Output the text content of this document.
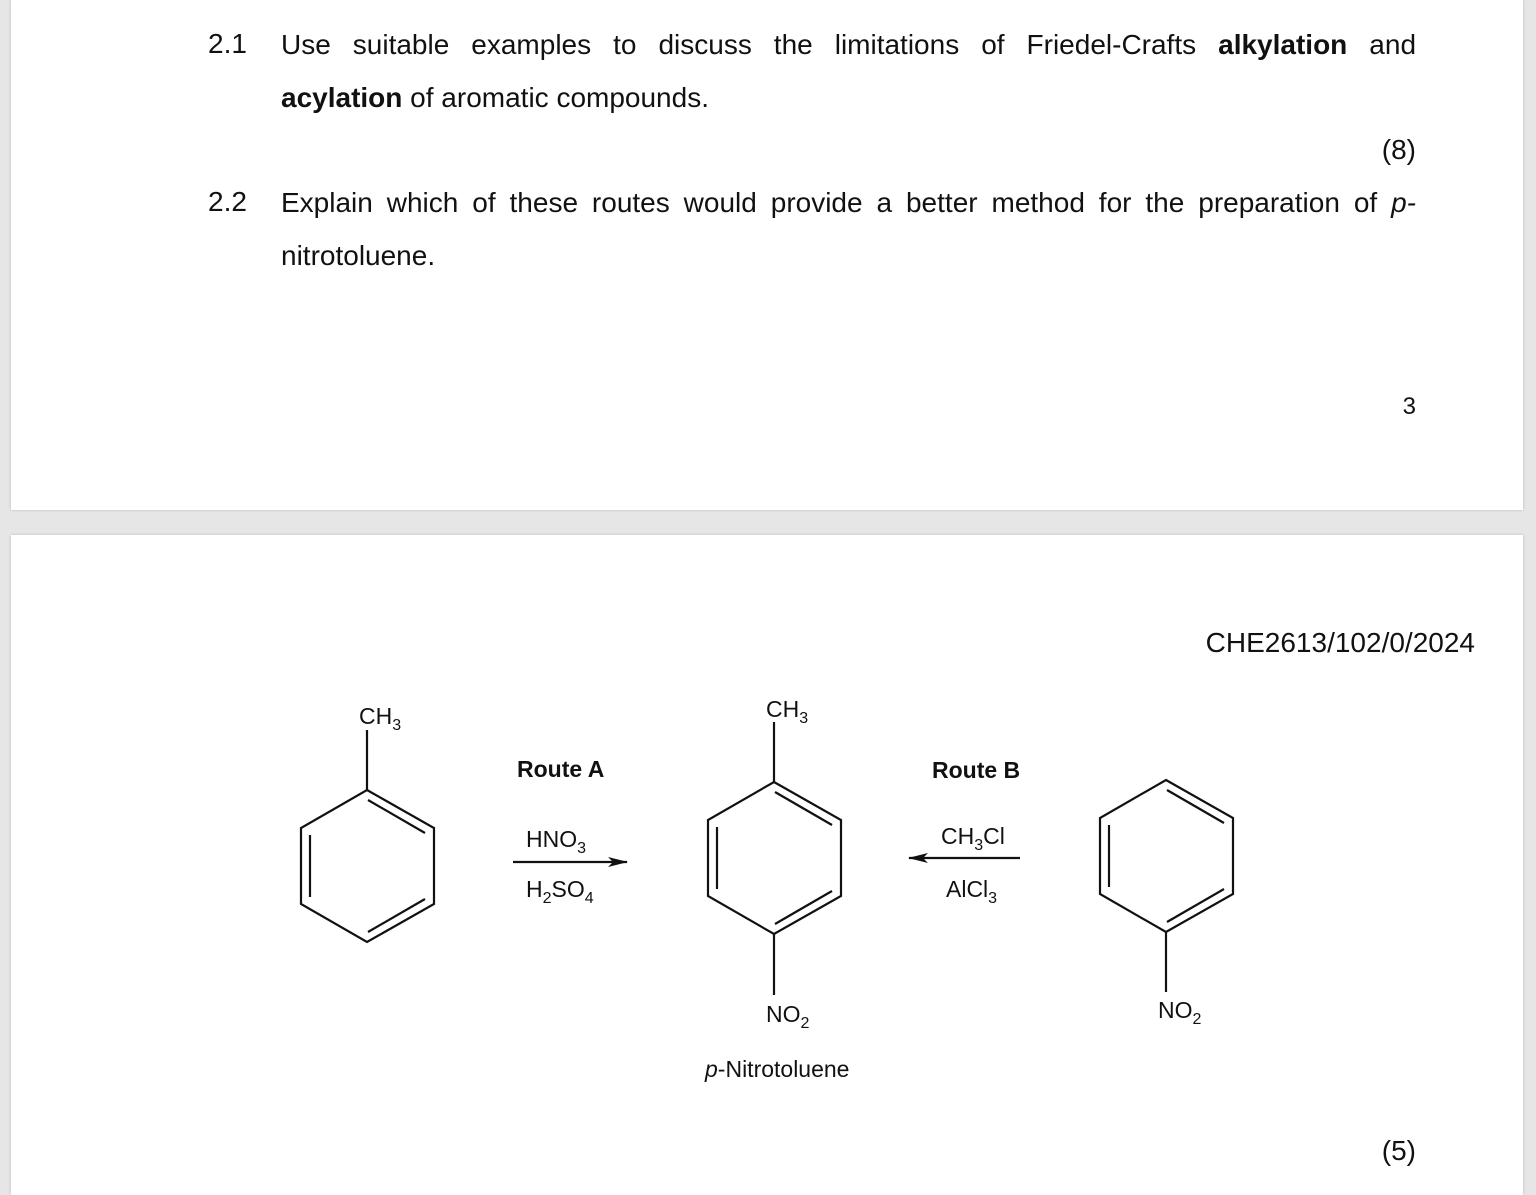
2.1 Use suitable examples to discuss the limitations of Friedel-Crafts alkylation and
acylation of aromatic compounds.
(8)
2.2 Explain which of these routes would provide a better method for the preparation of p-
nitrotoluene.
3
CHE2613/102/0/2024
$CH_3$
Route A
$HNO_3$
$H_2SO_4$
$CH_3$
$NO_2$
p-Nitrotoluene
Route B
$CH_3Cl$
AlCl$_3$
$NO_2$
(5)
